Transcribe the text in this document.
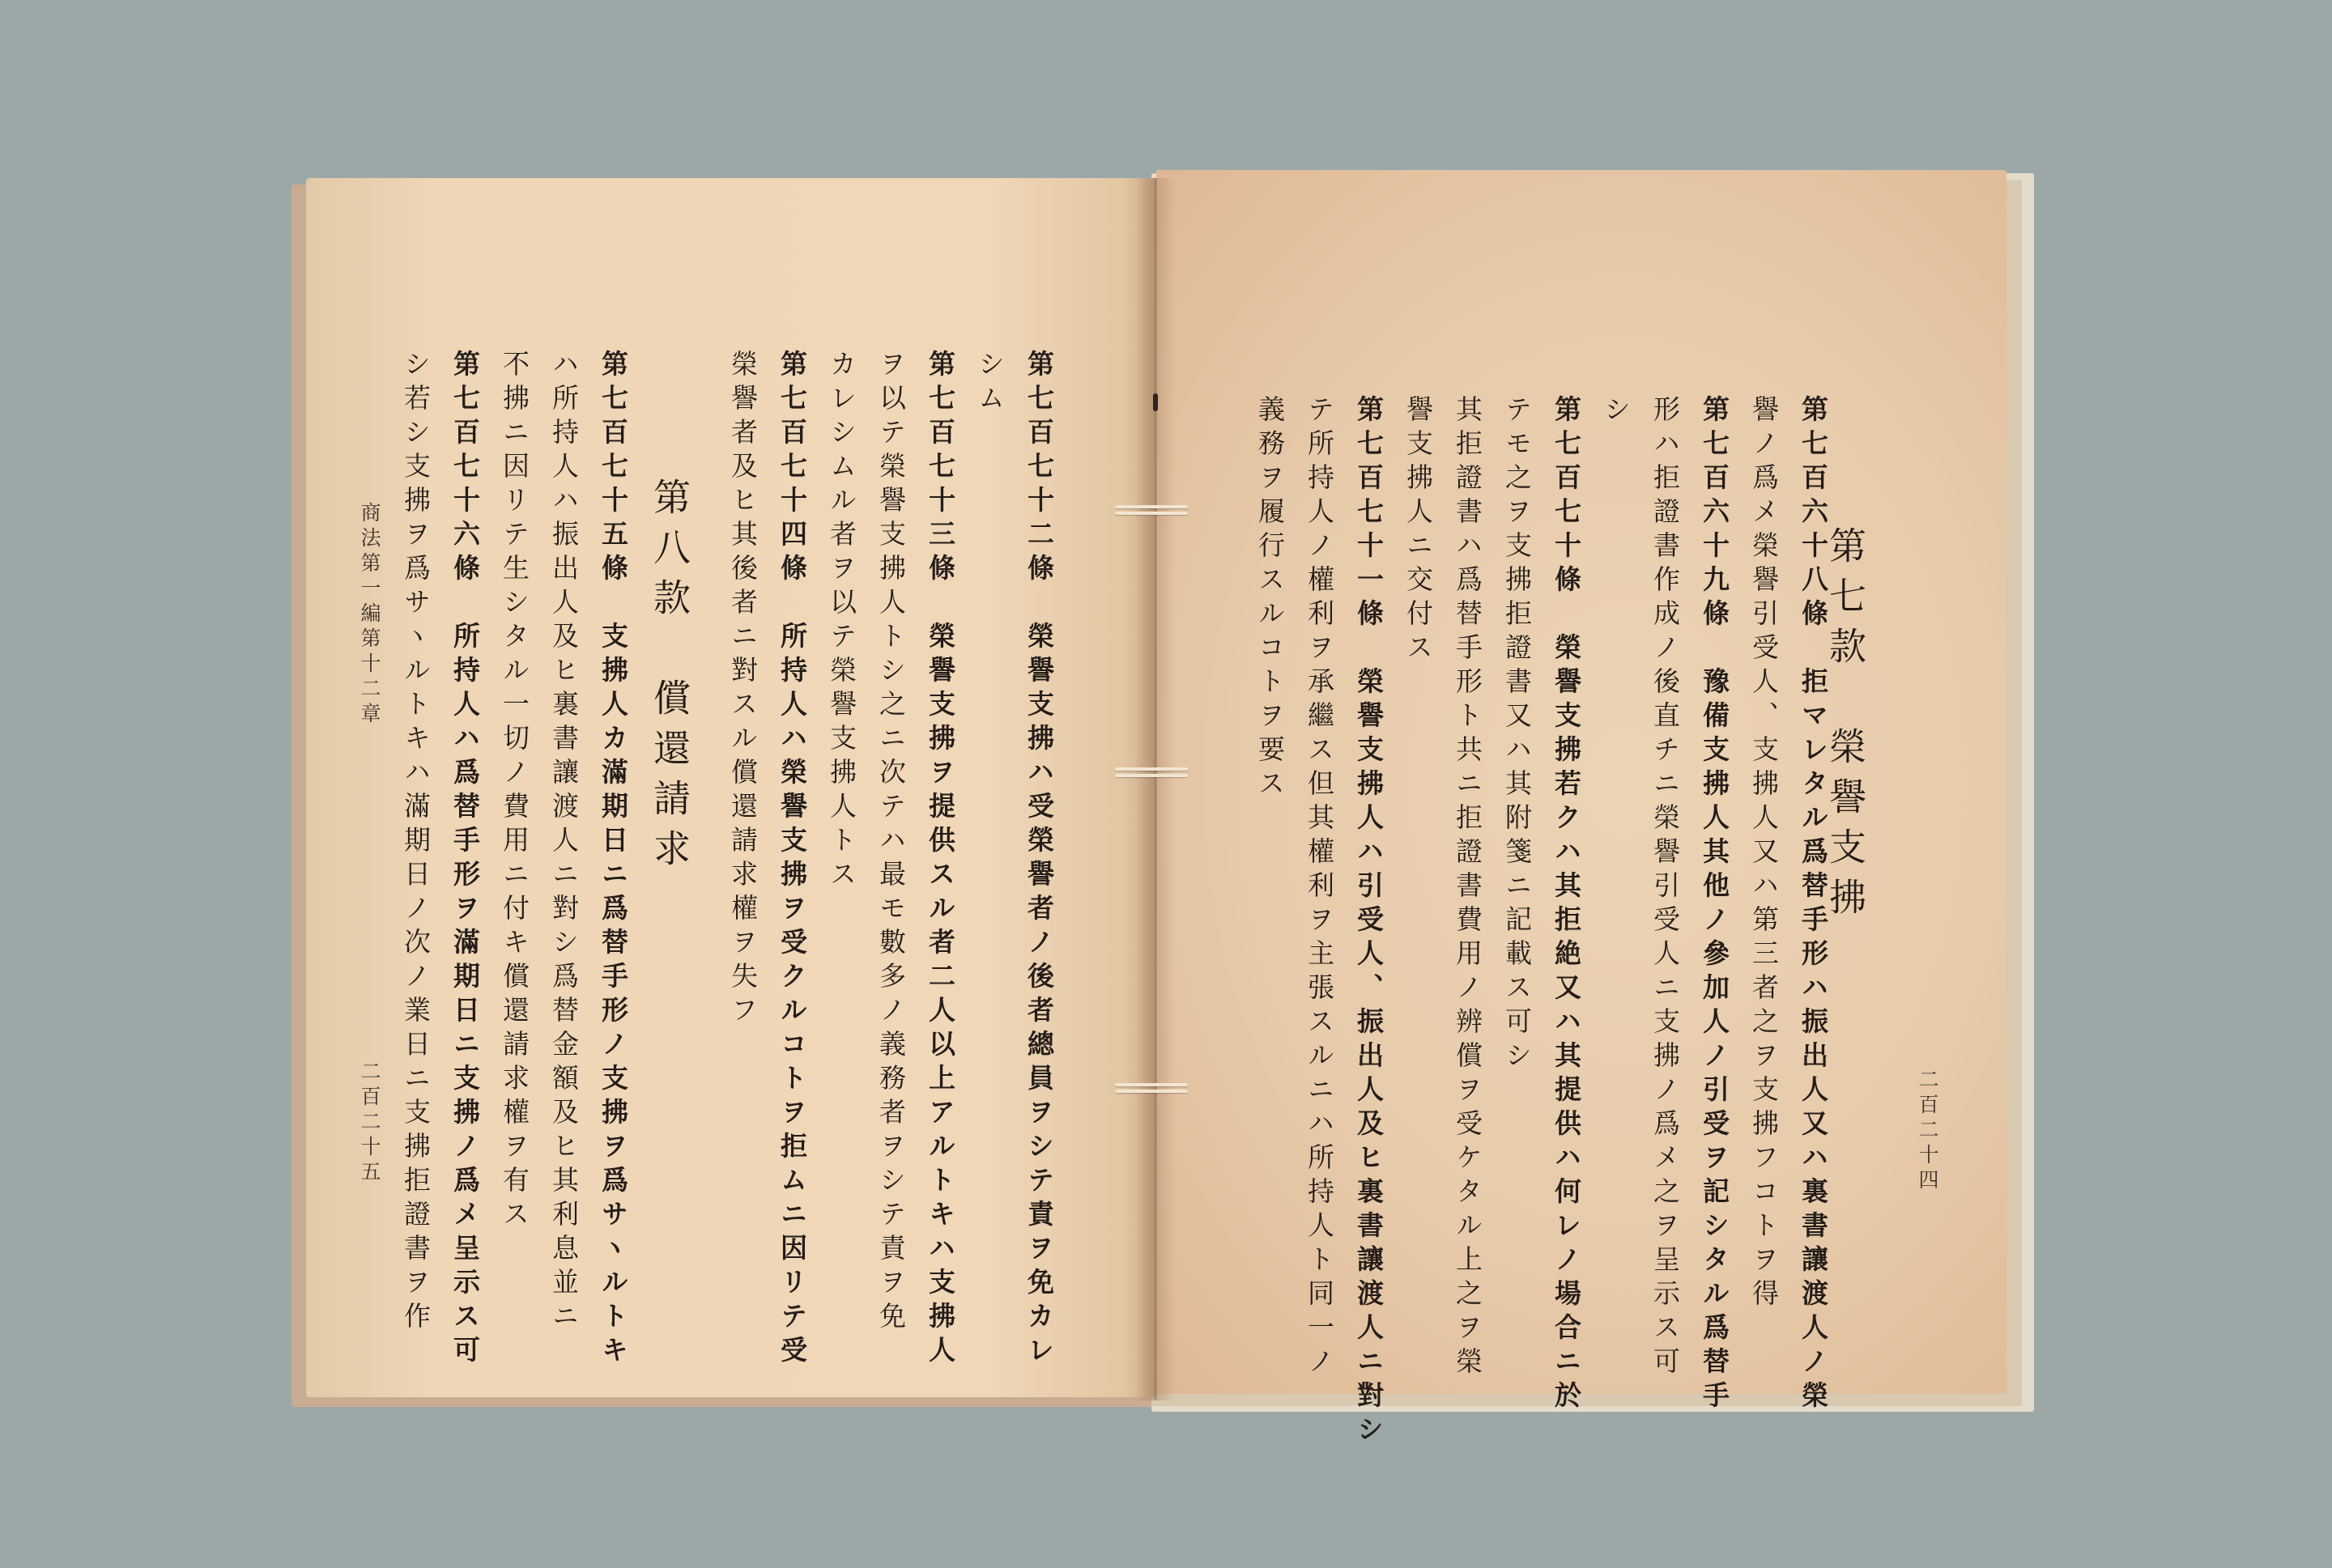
第七百七十二條　榮譽支拂ハ受榮譽者ノ後者總員ヲシテ責ヲ免カレ
シム
第七百七十三條　榮譽支拂ヲ提供スル者二人以上アルトキハ支拂人
ヲ以テ榮譽支拂人トシ之ニ次テハ最モ數多ノ義務者ヲシテ責ヲ免
カレシムル者ヲ以テ榮譽支拂人トス
第七百七十四條　所持人ハ榮譽支拂ヲ受クルコトヲ拒ムニ因リテ受
榮譽者及ヒ其後者ニ對スル償還請求權ヲ失フ
第八款　償還請求
第七百七十五條　支拂人カ滿期日ニ爲替手形ノ支拂ヲ爲サヽルトキ
ハ所持人ハ振出人及ヒ裏書讓渡人ニ對シ爲替金額及ヒ其利息並ニ
不拂ニ因リテ生シタル一切ノ費用ニ付キ償還請求權ヲ有ス
第七百七十六條　所持人ハ爲替手形ヲ滿期日ニ支拂ノ爲メ呈示ス可
シ若シ支拂ヲ爲サヽルトキハ滿期日ノ次ノ業日ニ支拂拒證書ヲ作
商法第一編第十二章
二百二十五
第七款　榮譽支拂
第七百六十八條　拒マレタル爲替手形ハ振出人又ハ裏書讓渡人ノ榮
譽ノ爲メ榮譽引受人、支拂人又ハ第三者之ヲ支拂フコトヲ得
第七百六十九條　豫備支拂人其他ノ參加人ノ引受ヲ記シタル爲替手
形ハ拒證書作成ノ後直チニ榮譽引受人ニ支拂ノ爲メ之ヲ呈示ス可
シ
第七百七十條　榮譽支拂若クハ其拒絶又ハ其提供ハ何レノ場合ニ於
テモ之ヲ支拂拒證書又ハ其附箋ニ記載ス可シ
其拒證書ハ爲替手形ト共ニ拒證書費用ノ辨償ヲ受ケタル上之ヲ榮
譽支拂人ニ交付ス
第七百七十一條　榮譽支拂人ハ引受人、振出人及ヒ裏書讓渡人ニ對シ
テ所持人ノ權利ヲ承繼ス但其權利ヲ主張スルニハ所持人ト同一ノ
義務ヲ履行スルコトヲ要ス
二百二十四
